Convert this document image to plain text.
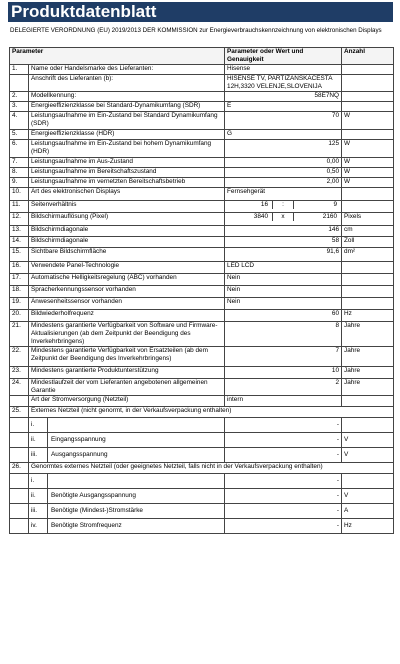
Produktdatenblatt
DELEGIERTE VERORDNUNG (EU) 2019/2013 DER KOMMISSION zur Energieverbrauchskennzeichnung von elektronischen Displays
Parameter		Parameter oder Wert und Genauigkeit	Anzahl
1.	Name oder Handelsmarke des Lieferanten:	Hisense	
	Anschrift des Lieferanten (b):	HISENSE TV, PARTIZANSKACESTA 12H,3320 VELENJE,SLOVENIJA	
2.	Modellkennung:	58E7NQ	
3.	Energieeffizienzklasse bei Standard-Dynamikumfang (SDR)	E	
4.	Leistungsaufnahme im Ein-Zustand bei Standard Dynamikumfang (SDR)	70	W
5.	Energieeffizienzklasse (HDR)	G	
6.	Leistungsaufnahme im Ein-Zustand bei hohem Dynamikumfang (HDR)	125	W
7.	Leistungsaufnahme im Aus-Zustand	0,00	W
8.	Leistungsaufnahme im Bereitschaftszustand	0,50	W
9.	Leistungsaufnahme im vernetzten Bereitschaftsbetrieb	2,00	W
10.	Art des elektronischen Displays	Fernsehgerät	
11.	Seitenverhältnis	16 : 9	

12.	Bildschirmauflösung (Pixel)	3840 x 2160	Pixels
13.	Bildschirmdiagonale	146	cm
14.	Bildschirmdiagonale	58	Zoll
15.	Sichtbare Bildschirmfläche	91,6	dm²
16.	Verwendete Panel-Technologie	LED LCD	
17.	Automatische Helligkeitsregelung (ABC) vorhanden	Nein	
18.	Spracherkennungssensor vorhanden	Nein	
19.	Anwesenheitssensor vorhanden	Nein	
20.	Bildwiederholfrequenz	60	Hz
21.	Mindestens garantierte Verfügbarkeit von Software und Firmware-Aktualisierungen (ab dem Zeitpunkt der Beendigung des Inverkehrbringens)	8	Jahre
22.	Mindestens garantierte Verfügbarkeit von Ersatzteilen (ab dem Zeitpunkt der Beendigung des Inverkehrbringens)	7	Jahre
23.	Mindestens garantierte Produktunterstützung	10	Jahre
24.	Mindestlaufzeit der vom Lieferanten angebotenen allgemeinen Garantie	2	Jahre
	Art der Stromversorgung (Netzteil)	intern	
25.	Externes Netzteil (nicht genormt, in der Verkaufsverpackung enthalten)		

	i.	-	

	ii. Eingangsspannung	-	V

	iii. Ausgangsspannung	-	V
26.	Genormtes externes Netzteil (oder geeignetes Netzteil, falls nicht in der Verkaufsverpackung enthalten)		

	i.	-	

	ii. Benötigte Ausgangsspannung	-	V

	iii. Benötigte (Mindest-)Stromstärke	-	A

	iv. Benötigte Stromfrequenz	-	Hz
